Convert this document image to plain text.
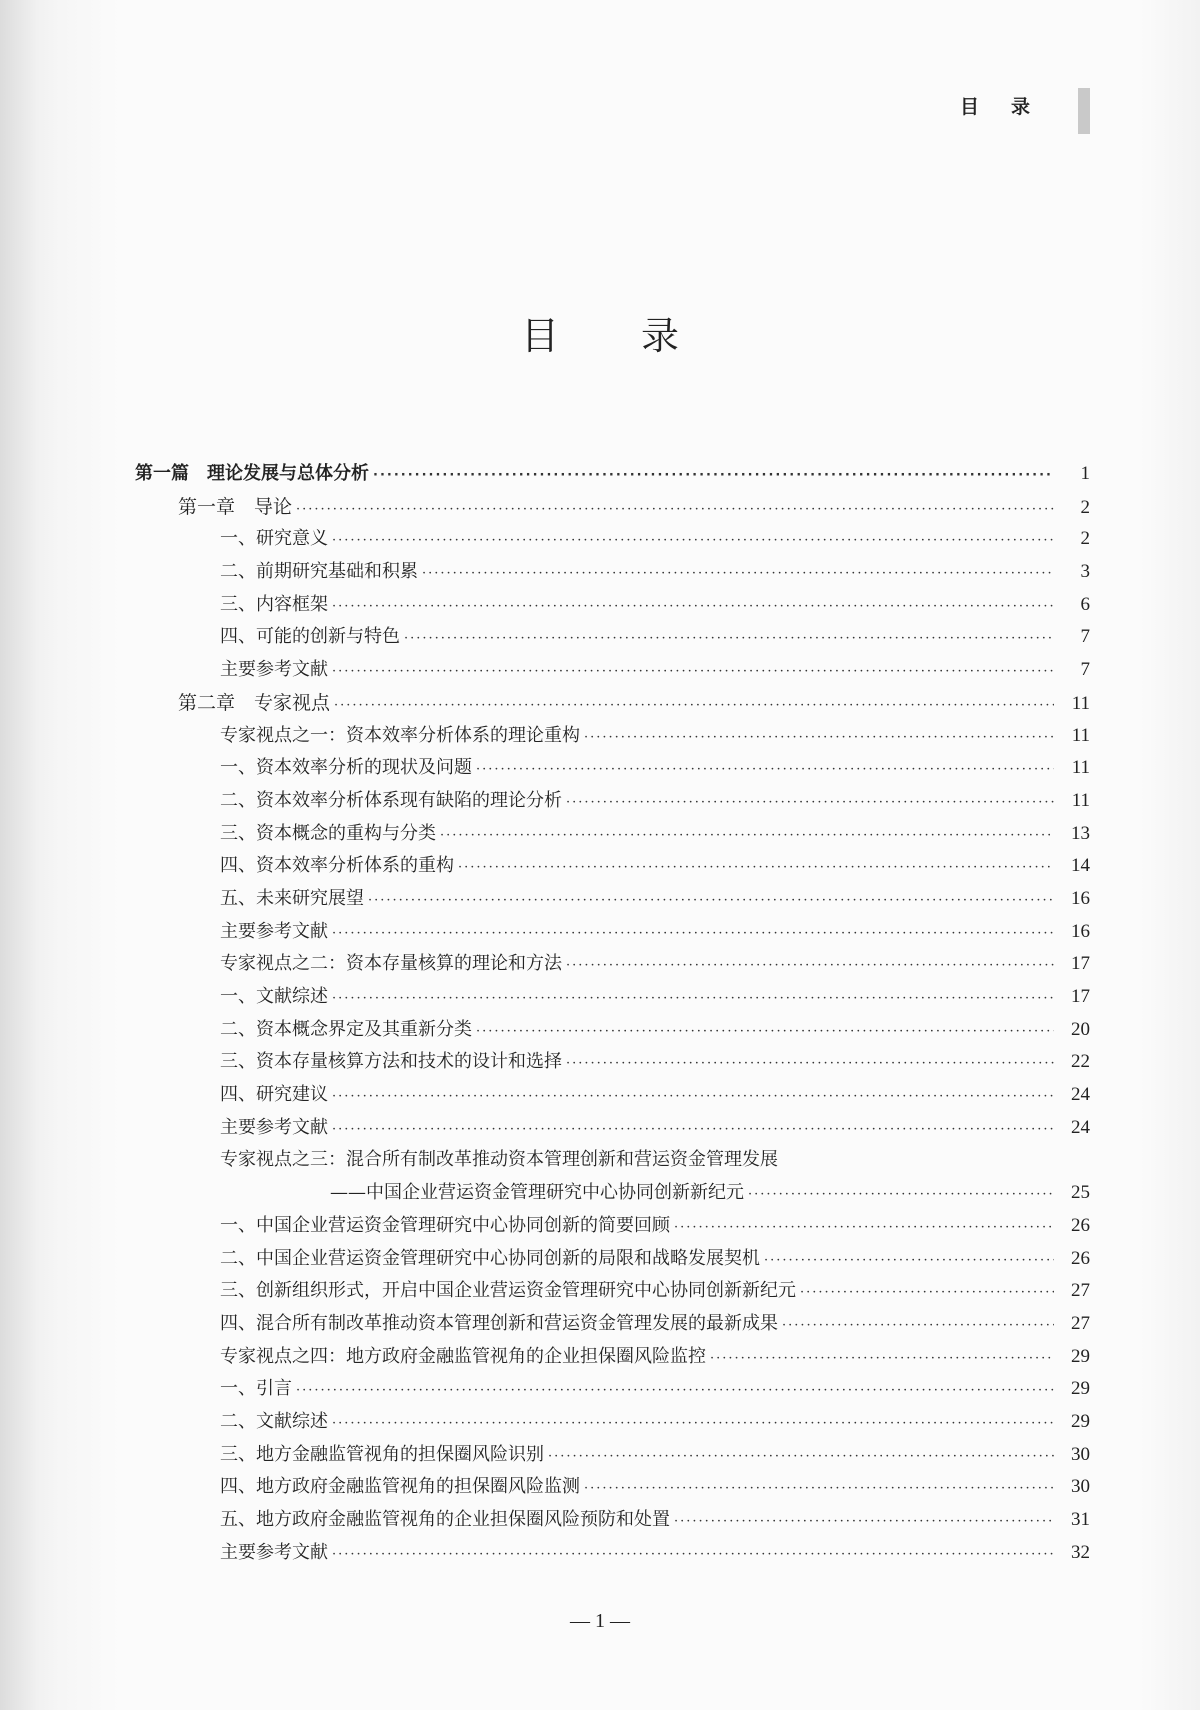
目 录
目 录
第一篇　理论发展与总体分析 ·····	1
第一章　导论 ·····	2
一、研究意义 ·····	2
二、前期研究基础和积累 ·····	3
三、内容框架 ·····	6
四、可能的创新与特色 ·····	7
主要参考文献 ·····	7
第二章　专家视点 ·····	11
专家视点之一：资本效率分析体系的理论重构 ·····	11
一、资本效率分析的现状及问题 ·····	11
二、资本效率分析体系现有缺陷的理论分析 ·····	11
三、资本概念的重构与分类 ·····	13
四、资本效率分析体系的重构 ·····	14
五、未来研究展望 ·····	16
主要参考文献 ·····	16
专家视点之二：资本存量核算的理论和方法 ·····	17
一、文献综述 ·····	17
二、资本概念界定及其重新分类 ·····	20
三、资本存量核算方法和技术的设计和选择 ·····	22
四、研究建议 ·····	24
主要参考文献 ·····	24
专家视点之三：混合所有制改革推动资本管理创新和营运资金管理发展
——中国企业营运资金管理研究中心协同创新新纪元 ·····	25
一、中国企业营运资金管理研究中心协同创新的简要回顾 ·····	26
二、中国企业营运资金管理研究中心协同创新的局限和战略发展契机 ·····	26
三、创新组织形式，开启中国企业营运资金管理研究中心协同创新新纪元 ·····	27
四、混合所有制改革推动资本管理创新和营运资金管理发展的最新成果 ·····	27
专家视点之四：地方政府金融监管视角的企业担保圈风险监控 ·····	29
一、引言 ·····	29
二、文献综述 ·····	29
三、地方金融监管视角的担保圈风险识别 ·····	30
四、地方政府金融监管视角的担保圈风险监测 ·····	30
五、地方政府金融监管视角的企业担保圈风险预防和处置 ·····	31
主要参考文献 ·····	32
— 1 —
